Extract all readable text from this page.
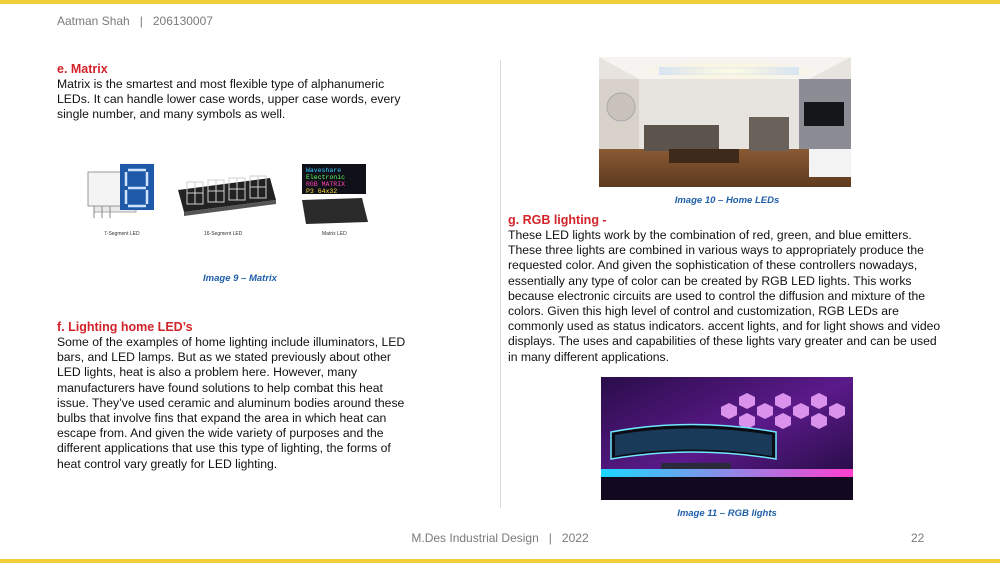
Aatman Shah | 206130007
e. Matrix
Matrix is the smartest and most flexible type of alphanumeric LEDs. It can handle lower case words, upper case words, every single number, and many symbols as well.
Waveshare
Electronic
RGB MATRIX
P3 64x32
7-Segment LED	16-Segment LED	Matrix LED
Image 9 – Matrix
f. Lighting home LED’s
Some of the examples of home lighting include illuminators, LED bars, and LED lamps. But as we stated previously about other LED lights, heat is also a problem here. However, many manufacturers have found solutions to help combat this heat issue. They’ve used ceramic and aluminum bodies around these bulbs that involve fins that expand the area in which heat can escape from. And given the wide variety of purposes and the different applications that use this type of lighting, the forms of heat control vary greatly for LED lighting.
Image 10 – Home LEDs
g. RGB lighting -
These LED lights work by the combination of red, green, and blue emitters. These three lights are combined in various ways to appropriately produce the requested color. And given the sophistication of these controllers nowadays, essentially any type of color can be created by RGB LED lights. This works because electronic circuits are used to control the diffusion and mixture of the colors. Given this high level of control and customization, RGB LEDs are commonly used as status indicators. accent lights, and for light shows and video displays. The uses and capabilities of these lights vary greater and can be used in many different applications.
Image 11 – RGB lights
M.Des Industrial Design | 2022	22
